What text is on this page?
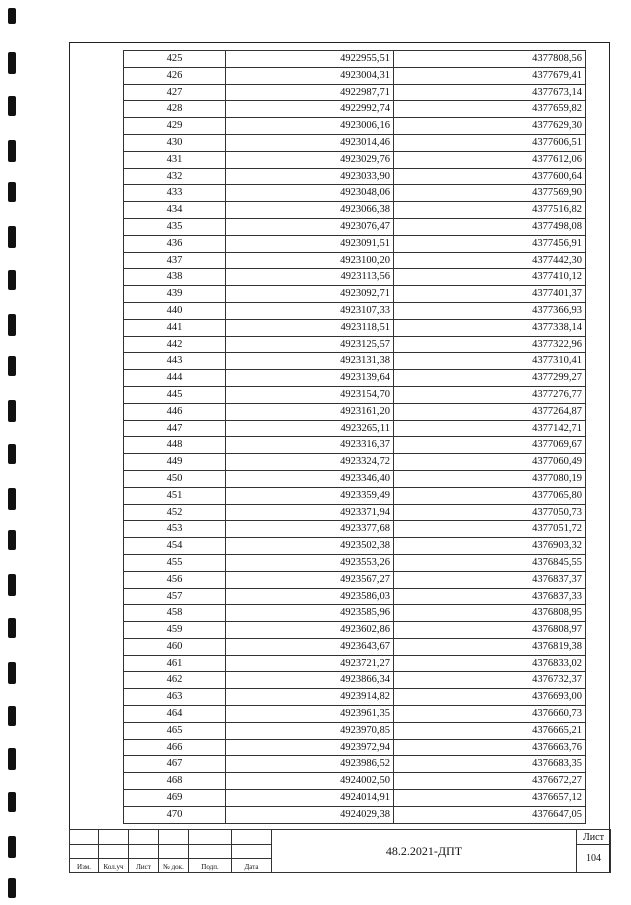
425	4922955,51	4377808,56
426	4923004,31	4377679,41
427	4922987,71	4377673,14
428	4922992,74	4377659,82
429	4923006,16	4377629,30
430	4923014,46	4377606,51
431	4923029,76	4377612,06
432	4923033,90	4377600,64
433	4923048,06	4377569,90
434	4923066,38	4377516,82
435	4923076,47	4377498,08
436	4923091,51	4377456,91
437	4923100,20	4377442,30
438	4923113,56	4377410,12
439	4923092,71	4377401,37
440	4923107,33	4377366,93
441	4923118,51	4377338,14
442	4923125,57	4377322,96
443	4923131,38	4377310,41
444	4923139,64	4377299,27
445	4923154,70	4377276,77
446	4923161,20	4377264,87
447	4923265,11	4377142,71
448	4923316,37	4377069,67
449	4923324,72	4377060,49
450	4923346,40	4377080,19
451	4923359,49	4377065,80
452	4923371,94	4377050,73
453	4923377,68	4377051,72
454	4923502,38	4376903,32
455	4923553,26	4376845,55
456	4923567,27	4376837,37
457	4923586,03	4376837,33
458	4923585,96	4376808,95
459	4923602,86	4376808,97
460	4923643,67	4376819,38
461	4923721,27	4376833,02
462	4923866,34	4376732,37
463	4923914,82	4376693,00
464	4923961,35	4376660,73
465	4923970,85	4376665,21
466	4923972,94	4376663,76
467	4923986,52	4376683,35
468	4924002,50	4376672,27
469	4924014,91	4376657,12
470	4924029,38	4376647,05
						48.2.2021-ДПТ	Лист
							104
Изм.	Кол.уч	Лист	№ док.	Подп.	Дата		
